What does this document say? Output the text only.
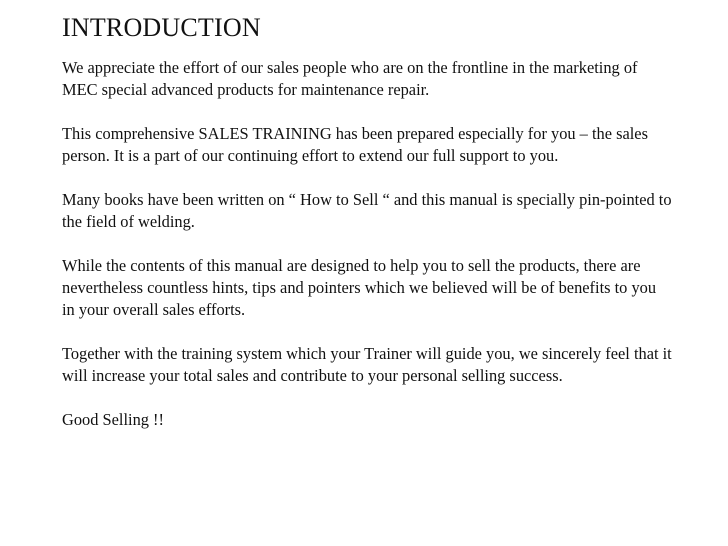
INTRODUCTION

We appreciate the effort of our sales people who are on the frontline in the marketing of MEC special advanced products for maintenance repair.

This comprehensive SALES TRAINING has been prepared especially for you – the sales person. It is a part of our continuing effort to extend our full support to you.

Many books have been written on “ How to Sell “ and this manual is specially pin-pointed to the field of welding.

While the contents of this manual are designed to help you to sell the products, there are nevertheless countless hints, tips and pointers which we believed will be of benefits to you in your overall sales efforts.

Together with the training system which your Trainer will guide you, we sincerely feel that it will increase your total sales and contribute to your personal selling success.

Good Selling !!
